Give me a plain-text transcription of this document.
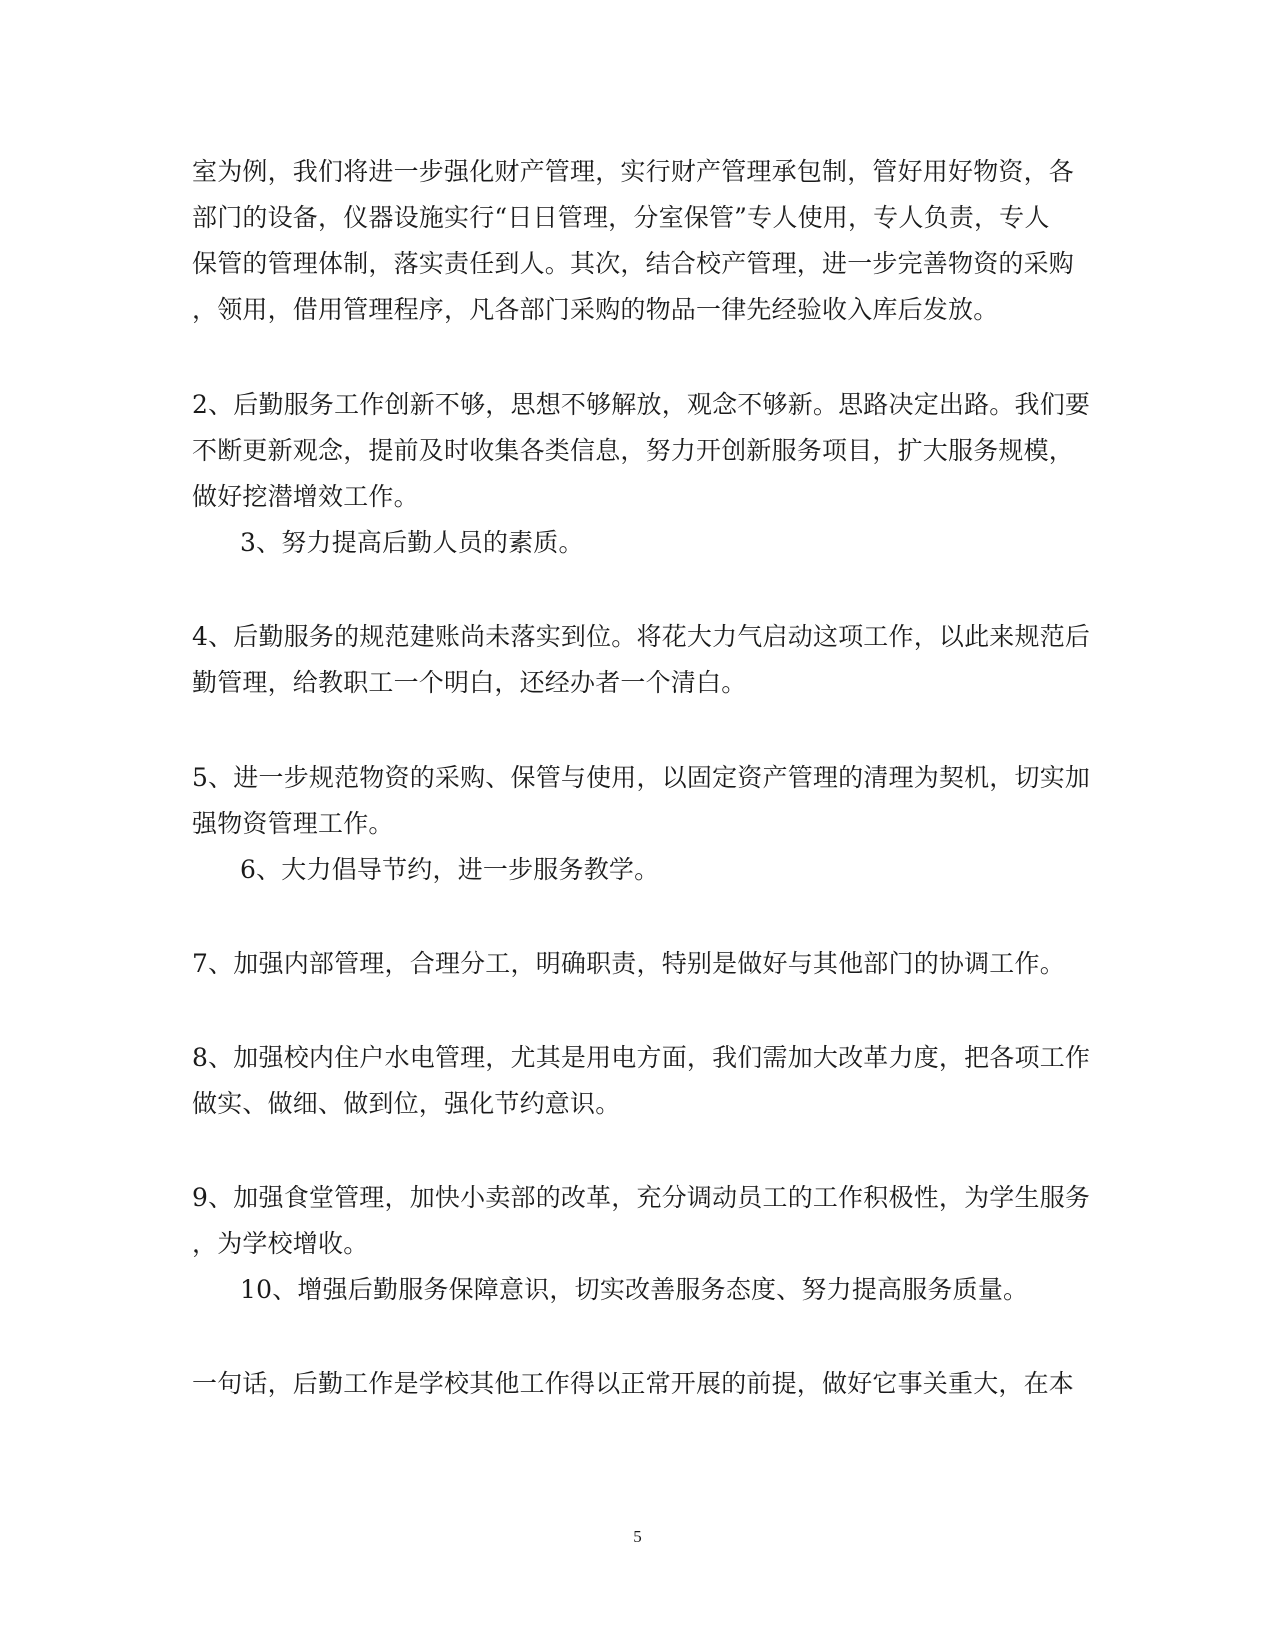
室为例，我们将进一步强化财产管理，实行财产管理承包制，管好用好物资，各
部门的设备，仪器设施实行“日日管理，分室保管”专人使用，专人负责，专人
保管的管理体制，落实责任到人。其次，结合校产管理，进一步完善物资的采购
，领用，借用管理程序，凡各部门采购的物品一律先经验收入库后发放。
2、后勤服务工作创新不够，思想不够解放，观念不够新。思路决定出路。我们要
不断更新观念，提前及时收集各类信息，努力开创新服务项目，扩大服务规模，
做好挖潜增效工作。
3、努力提高后勤人员的素质。
4、后勤服务的规范建账尚未落实到位。将花大力气启动这项工作，以此来规范后
勤管理，给教职工一个明白，还经办者一个清白。
5、进一步规范物资的采购、保管与使用，以固定资产管理的清理为契机，切实加
强物资管理工作。
6、大力倡导节约，进一步服务教学。
7、加强内部管理，合理分工，明确职责，特别是做好与其他部门的协调工作。
8、加强校内住户水电管理，尤其是用电方面，我们需加大改革力度，把各项工作
做实、做细、做到位，强化节约意识。
9、加强食堂管理，加快小卖部的改革，充分调动员工的工作积极性，为学生服务
，为学校增收。
10、增强后勤服务保障意识，切实改善服务态度、努力提高服务质量。
一句话，后勤工作是学校其他工作得以正常开展的前提，做好它事关重大，在本
5
